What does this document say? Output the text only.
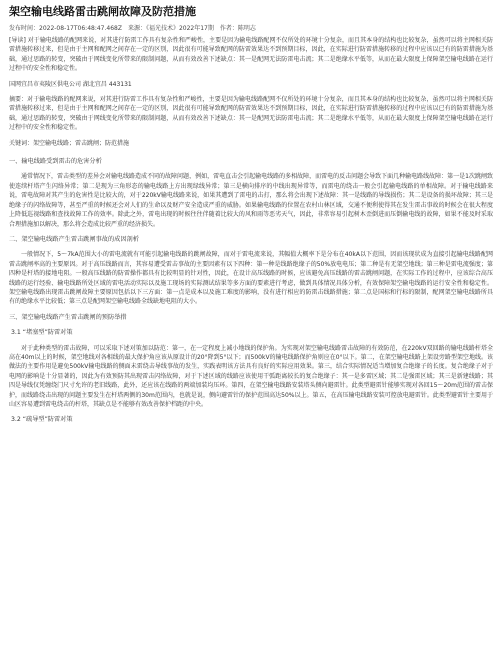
架空输电线路雷击跳闸故障及防范措施
发布时间：2022-08-17T06:48:47.468Z　来源：《福光技术》2022年17期　作者：陈明志

[导读] 对于输电线路的配网来说，对其进行防雷工作具有复杂性和严峻性，主要是因为输电线路配网不仅所处的环境十分复杂，而且其本身的结构也比较复杂，虽然可以将主网相关防雷措施转移过来，但是由于主网和配网之间存在一定的区别，因此很有可能导致配网的防雷效果达不到预期目标，因此，在实际进行防雷措施转移的过程中应该以已有的防雷措施为基础，通过思路的转变，突破由于网线变化所带来的限制问题，从而有效改善下述缺点：其一是配网无法防雷电击流；其二是绝缘水平低等，从而在最大限度上保障架空输电线路在运行过程中的安全性和稳定性。

国网宜昌市夷陵区供电公司 湖北宜昌 443131

摘要：对于输电线路的配网来说，对其进行防雷工作具有复杂性和严峻性，主要是因为输电线路配网不仅所处的环境十分复杂，而且其本身的结构也比较复杂，虽然可以将主网相关防雷措施转移过来，但是由于主网和配网之间存在一定的区别，因此很有可能导致配网的防雷效果达不到预期目标，因此，在实际进行防雷措施转移的过程中应该以已有的防雷措施为基础，通过思路的转变，突破由于网线变化所带来的限制问题，从而有效改善下述缺点：其一是配网无法防雷电击流；其二是绝缘水平低等，从而在最大限度上保障架空输电线路在运行过程中的安全性和稳定性。

关键词：架空输电线路；雷击跳闸；防范措施

一、输电线路受到雷击的危害分析

通常情况下，雷击类型的差异会对输电线路造成不同的故障问题，例如，雷电直击会引起输电线路的多相故障，而雷电的反击问题会导致下面几种输电路线故障：第一是1次跳闸致使连续杆塔产生闪络异常；第二是现为三角形态的输电线路上方出现绿线异常；第三是横向排序的中线出现异常等，而雷电的绕击一般会引起输电线路的单相故障。对于输电线路来说，雷电故障对其产生的危害性是比较大的，对于220kV输电线路来说，如果其遭到了雷电的击打，那么将会出现下述故障：其一是线路的导线损伤；其二是设备的损坏故障；其三是绝缘子的闪络故障等，甚至严重的时候还会对人们的生命以及财产安全造成严重的威胁。如果输电线路的位置在农村山林区域，交通不便利使得其在发生雷击事故的时候会在很大程度上降低巡视线路和查找故障工作的效率。除此之外，雷电出现的时候往往伴随着比较大的风和雨等恶劣天气，因此，非常容易引起树木歪倒进而压倒输电线的故障，如果不能及时采取合理措施加以解决，那么将会造成比较严重的经济损失。

二、架空输电线路产生雷击跳闸事故的成因剖析

一般情况下，5～7kA范围大小的雷电流就有可能引起输电线路的跳闸故障，而对于雷电流来说，其幅值大概率下是分布在40kA以下范围，因而该现状成为直接引起输电线路配网雷击跳闸率高的主要原因。对于高压线路而言，其容易遭受雷击事故的主要因素有以下四种：第一种是线路绝缘子的50%放电电压；第二种是有无架空地线；第三种是雷电流强度；第四种是杆塔的接地电阻。一般高压线路的防雷操作都具有比较明显的针对性，因此，在设计高压线路的时候，应该避免高压线路的雷击跳闸问题，在实际工作的过程中，应该综合高压线路的运行经验、输电线路所处区域的雷电活动实际以及施工现场的实际测试结果等多方面的要素进行考虑，做到具体情况具体分析，有效保障架空输电线路的运行安全性和稳定性。架空输电线路出现雷击跳闸故障主要原因包括以下三方面：第一点是成本以及施工难度的影响，没有进行相应的防雷击线路措施；第二点是国标和行标的限制，配网架空输电线路所具有的绝缘水平比较低；第三点是配网架空输电线路全线缺地电阻的大小。

三、架空输电线路产生雷击跳闸的预防举措

3.1 “堵塞型”防雷对策

对于此种类型的雷击故障，可以采取下述对策加以防范：第一，在一定程度上减小地线的保护角。为实现对架空输电线路雷击故障的有效防范，在220kV双回路的输电线路杆塔全高在40m以上的时候，架空地线对各相线的最大保护角应该从原设计的20°降到5°以下；而500kV的输电线路保护角则应在0°以下。第二，在架空输电线路上架设旁路型架空地线。该做法的主要作用是避免500kV输电线路的侧面未雷绕击导线事故的发生，实践表明该方法具有良好的实际应用效果。第三，结合实际情况适当增加复合绝缘子的长度。复合绝缘子对于电网的影响是十分显著的，因此为有效预防其出现雷击闪络故障，对于下述区域的线路应该使用干弧距离较长的复合绝缘子：其一是多雷区域；其二是强雷区域；其三是新建线路；其四是导线仅凭缠绕门尺寸允许的老旧线路，此外，还应该在线路的两端加装均压环。第四，在架空输电线路安装塔头侧向避雷针。此类型避雷针能够实现对各回15～20m范围的雷击保护，而线路绕击出现的问题主要发生在杆塔两侧的30m范围内，也就是说，侧向避雷针的保护范围高达50%以上。第五，在高压输电线路安装可控放电避雷针。此类型避雷针主要用于山区容易遭到雷电绕击的杆塔，其缺点是不能够有效改善保护档距的中央。

3.2 “疏导型”防雷对策
